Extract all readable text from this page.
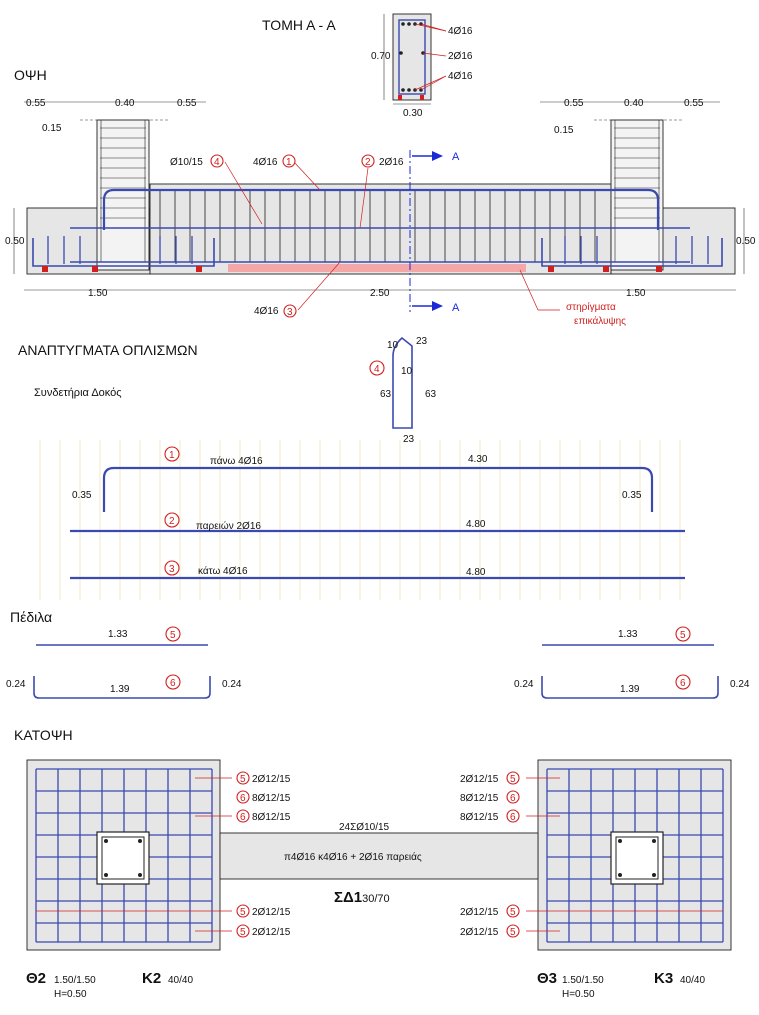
ΤΟΜΗ Α - Α	4Ø16
2Ø16
4Ø16
0.70
0.30
ΟΨΗ
0.55	0.40	0.55	0.55	0.40	0.55
0.15	0.15
0.50	0.50
1.50	2.50	1.50
Ø10/15 4	4Ø16 1	2 2Ø16
4Ø16 3
A
A	στηρίγματα
επικάλυψης
ΑΝΑΠΤΥΓΜΑΤΑ ΟΠΛΙΣΜΩΝ
Συνδετήρια Δοκός
4
10
10
23
63	63
23
1
πάνω 4Ø16	4.30
0.35	0.35
2 παρειών 2Ø16	4.80
3 κάτω 4Ø16	4.80
Πέδιλα
1.33	5
1.39
6
0.24	0.24
1.33	5
1.39
6
0.24	0.24
ΚΑΤΟΨΗ
5 2Ø12/15
6 8Ø12/15
6 8Ø12/15
5 2Ø12/15
5 2Ø12/15
2Ø12/15 5
8Ø12/15 6
8Ø12/15 6
2Ø12/15 5
2Ø12/15 5
24ΣØ10/15
π4Ø16 κ4Ø16 + 2Ø16 παρειάς
ΣΔ130/70
Θ2 1.50/1.50
H=0.50
K2 40/40	Θ3 1.50/1.50
H=0.50
K3 40/40
